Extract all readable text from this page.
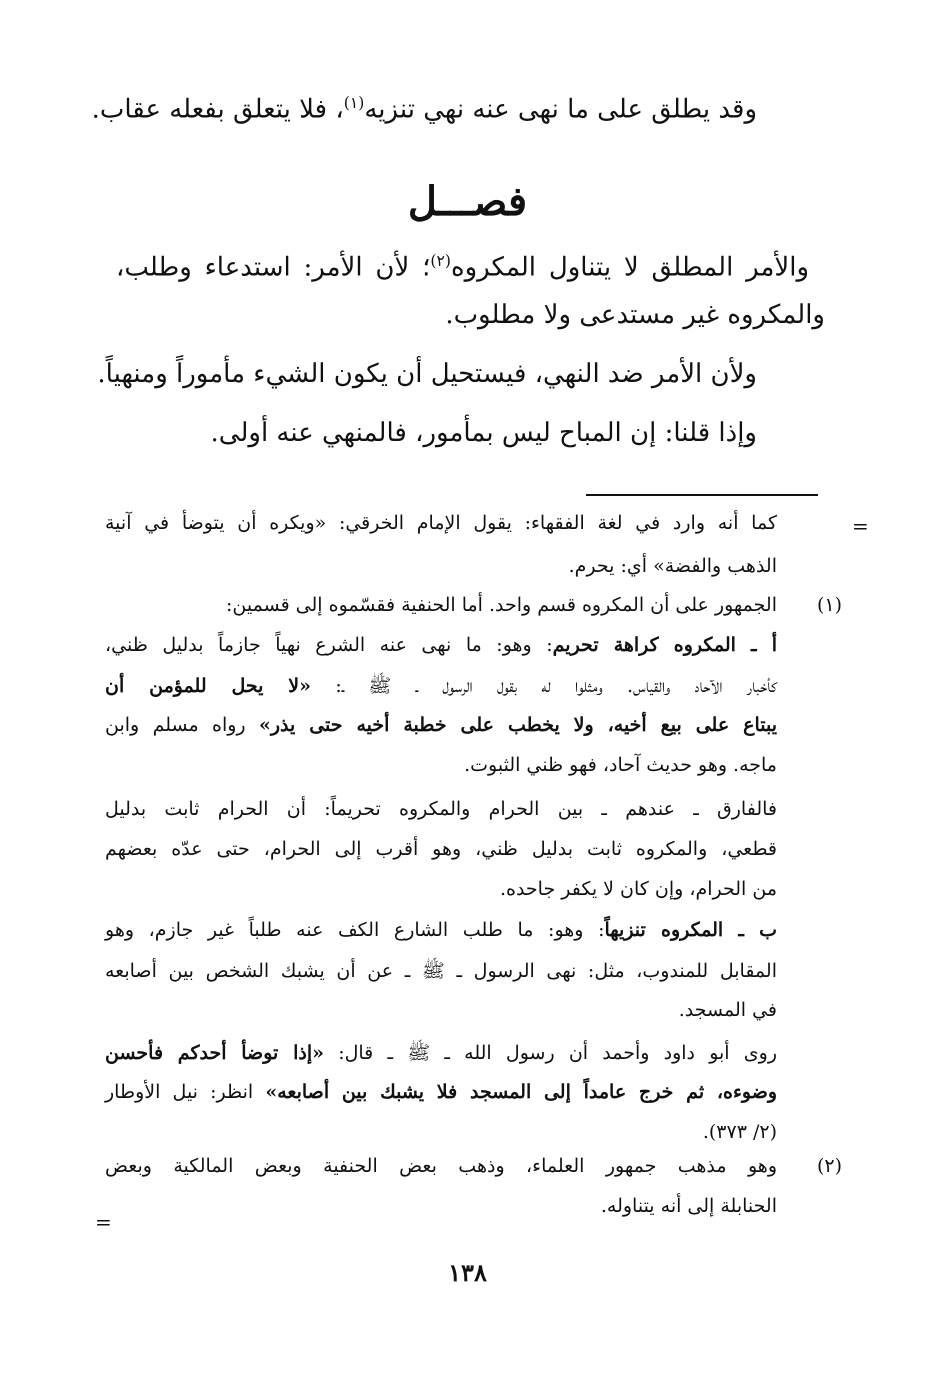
وقد يطلق على ما نهى عنه نهي تنزيه$^{(١)}$، فلا يتعلق بفعله عقاب.
فصـــل
والأمر المطلق لا يتناول المكروه$^{(٢)}$؛ لأن الأمر: استدعاء وطلب،
والمكروه غير مستدعى ولا مطلوب.
ولأن الأمر ضد النهي، فيستحيل أن يكون الشيء مأموراً ومنهياً.
وإذا قلنا: إن المباح ليس بمأمور، فالمنهي عنه أولى.
=
كما أنه وارد في لغة الفقهاء: يقول الإمام الخرقي: «ويكره أن يتوضأ في آنية
الذهب والفضة» أي: يحرم.
(١)
الجمهور على أن المكروه قسم واحد. أما الحنفية فقسّموه إلى قسمين:
أ ـ المكروه كراهة تحريم: وهو: ما نهى عنه الشرع نهياً جازماً بدليل ظني،
كأخبار الآحاد والقياس. ومثلوا له بقول الرسول ـ ﷺ ـ: «لا يحل للمؤمن أن
يبتاع على بيع أخيه، ولا يخطب على خطبة أخيه حتى يذر» رواه مسلم وابن
ماجه. وهو حديث آحاد، فهو ظني الثبوت.
فالفارق ـ عندهم ـ بين الحرام والمكروه تحريماً: أن الحرام ثابت بدليل
قطعي، والمكروه ثابت بدليل ظني، وهو أقرب إلى الحرام، حتى عدّه بعضهم
من الحرام، وإن كان لا يكفر جاحده.
ب ـ المكروه تنزيهاً: وهو: ما طلب الشارع الكف عنه طلباً غير جازم، وهو
المقابل للمندوب، مثل: نهى الرسول ـ ﷺ ـ عن أن يشبك الشخص بين أصابعه
في المسجد.
روى أبو داود وأحمد أن رسول الله ـ ﷺ ـ قال: «إذا توضأ أحدكم فأحسن
وضوءه، ثم خرج عامداً إلى المسجد فلا يشبك بين أصابعه» انظر: نيل الأوطار
(٢/ ٣٧٣).
(٢)
وهو مذهب جمهور العلماء، وذهب بعض الحنفية وبعض المالكية وبعض
الحنابلة إلى أنه يتناوله.
=
١٣٨
